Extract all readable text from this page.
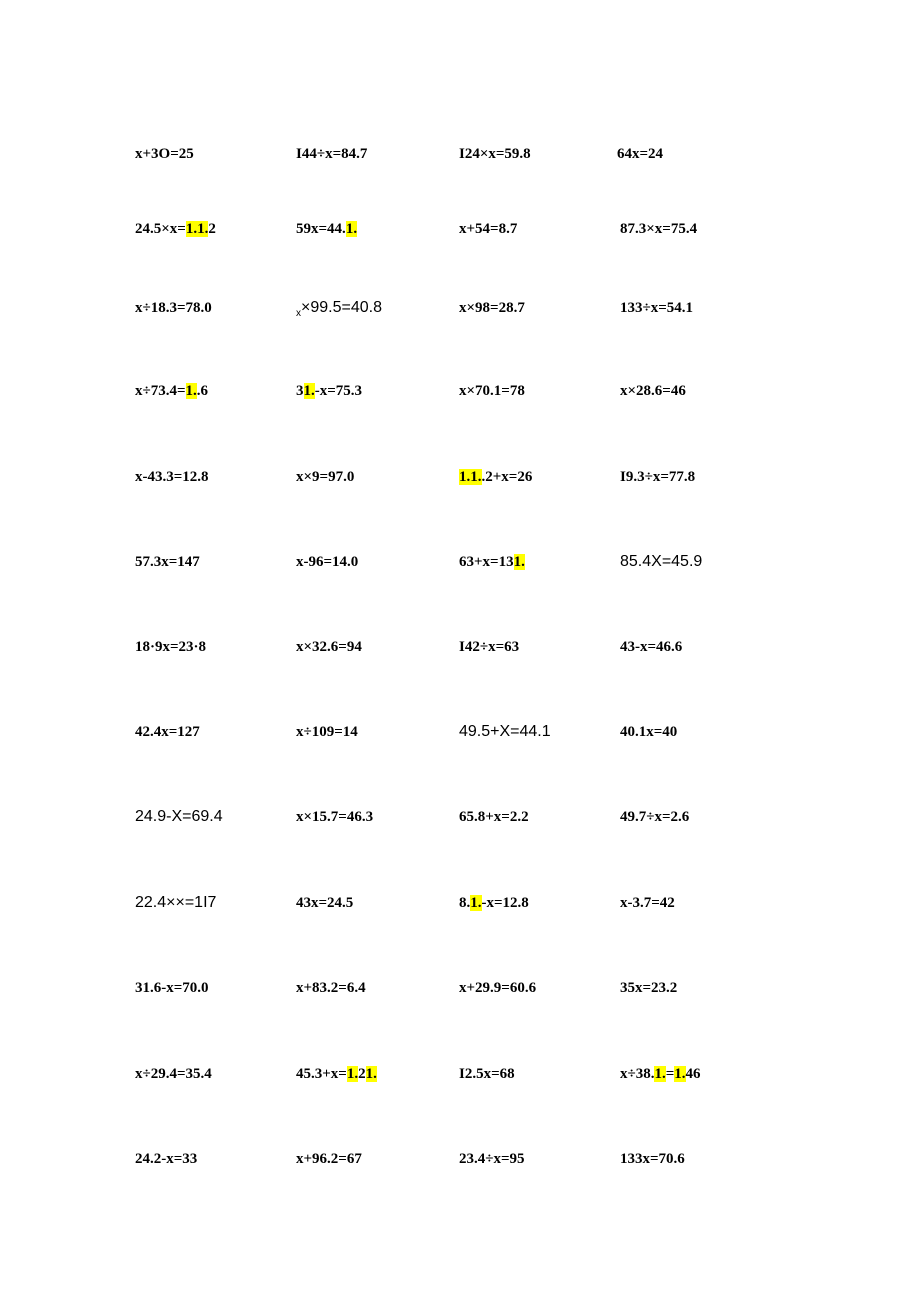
x+3O=25	I44÷x=84.7	I24×x=59.8	64x=24
24.5×x=1.1.2	59x=44.1.	x+54=8.7	87.3×x=75.4
x÷18.3=78.0	$_x$×99.5=40.8	x×98=28.7	133÷x=54.1
x÷73.4=1..6	31.-x=75.3	x×70.1=78	x×28.6=46
x-43.3=12.8	x×9=97.0	1.1..2+x=26	I9.3÷x=77.8
57.3x=147	x-96=14.0	63+x=131.	85.4X=45.9
18·9x=23·8	x×32.6=94	I42÷x=63	43-x=46.6
42.4x=127	x÷109=14	49.5+X=44.1	40.1x=40
24.9-X=69.4	x×15.7=46.3	65.8+x=2.2	49.7÷x=2.6
22.4××=1I7	43x=24.5	8.1.-x=12.8	x-3.7=42
31.6-x=70.0	x+83.2=6.4	x+29.9=60.6	35x=23.2
x÷29.4=35.4	45.3+x=1.21.	I2.5x=68	x÷38.1.=1.46
24.2-x=33	x+96.2=67	23.4÷x=95	133x=70.6
